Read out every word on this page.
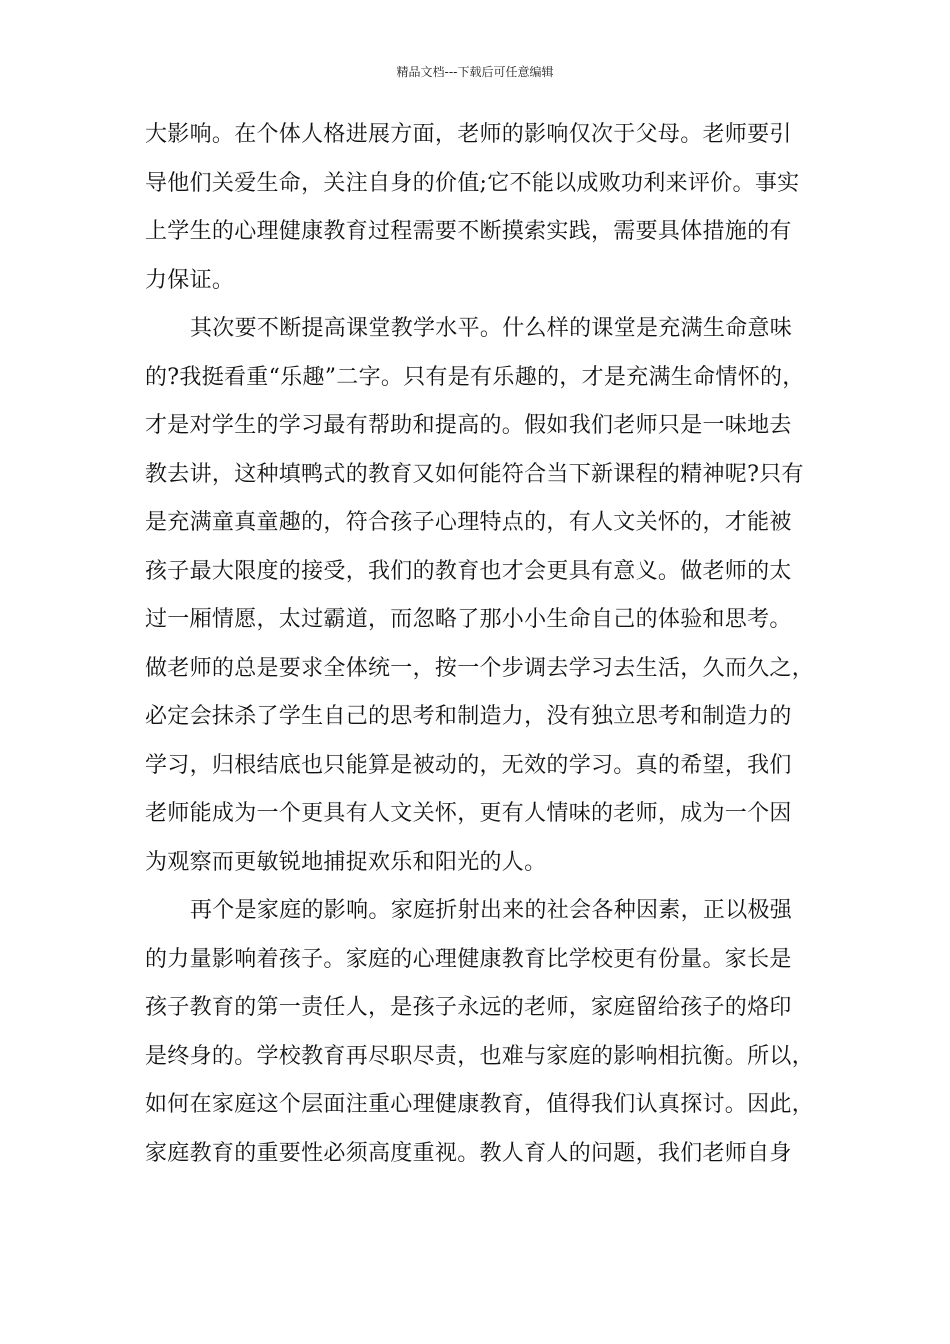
精品文档---下载后可任意编辑
大影响。在个体人格进展方面，老师的影响仅次于父母。老师要引
导他们关爱生命，关注自身的价值;它不能以成败功利来评价。事实
上学生的心理健康教育过程需要不断摸索实践，需要具体措施的有
力保证。
其次要不断提高课堂教学水平。什么样的课堂是充满生命意味
的?我挺看重“乐趣”二字。只有是有乐趣的，才是充满生命情怀的，
才是对学生的学习最有帮助和提高的。假如我们老师只是一味地去
教去讲，这种填鸭式的教育又如何能符合当下新课程的精神呢?只有
是充满童真童趣的，符合孩子心理特点的，有人文关怀的，才能被
孩子最大限度的接受，我们的教育也才会更具有意义。做老师的太
过一厢情愿，太过霸道，而忽略了那小小生命自己的体验和思考。
做老师的总是要求全体统一，按一个步调去学习去生活，久而久之，
必定会抹杀了学生自己的思考和制造力，没有独立思考和制造力的
学习，归根结底也只能算是被动的，无效的学习。真的希望，我们
老师能成为一个更具有人文关怀，更有人情味的老师，成为一个因
为观察而更敏锐地捕捉欢乐和阳光的人。
再个是家庭的影响。家庭折射出来的社会各种因素，正以极强
的力量影响着孩子。家庭的心理健康教育比学校更有份量。家长是
孩子教育的第一责任人，是孩子永远的老师，家庭留给孩子的烙印
是终身的。学校教育再尽职尽责，也难与家庭的影响相抗衡。所以，
如何在家庭这个层面注重心理健康教育，值得我们认真探讨。因此，
家庭教育的重要性必须高度重视。教人育人的问题，我们老师自身
